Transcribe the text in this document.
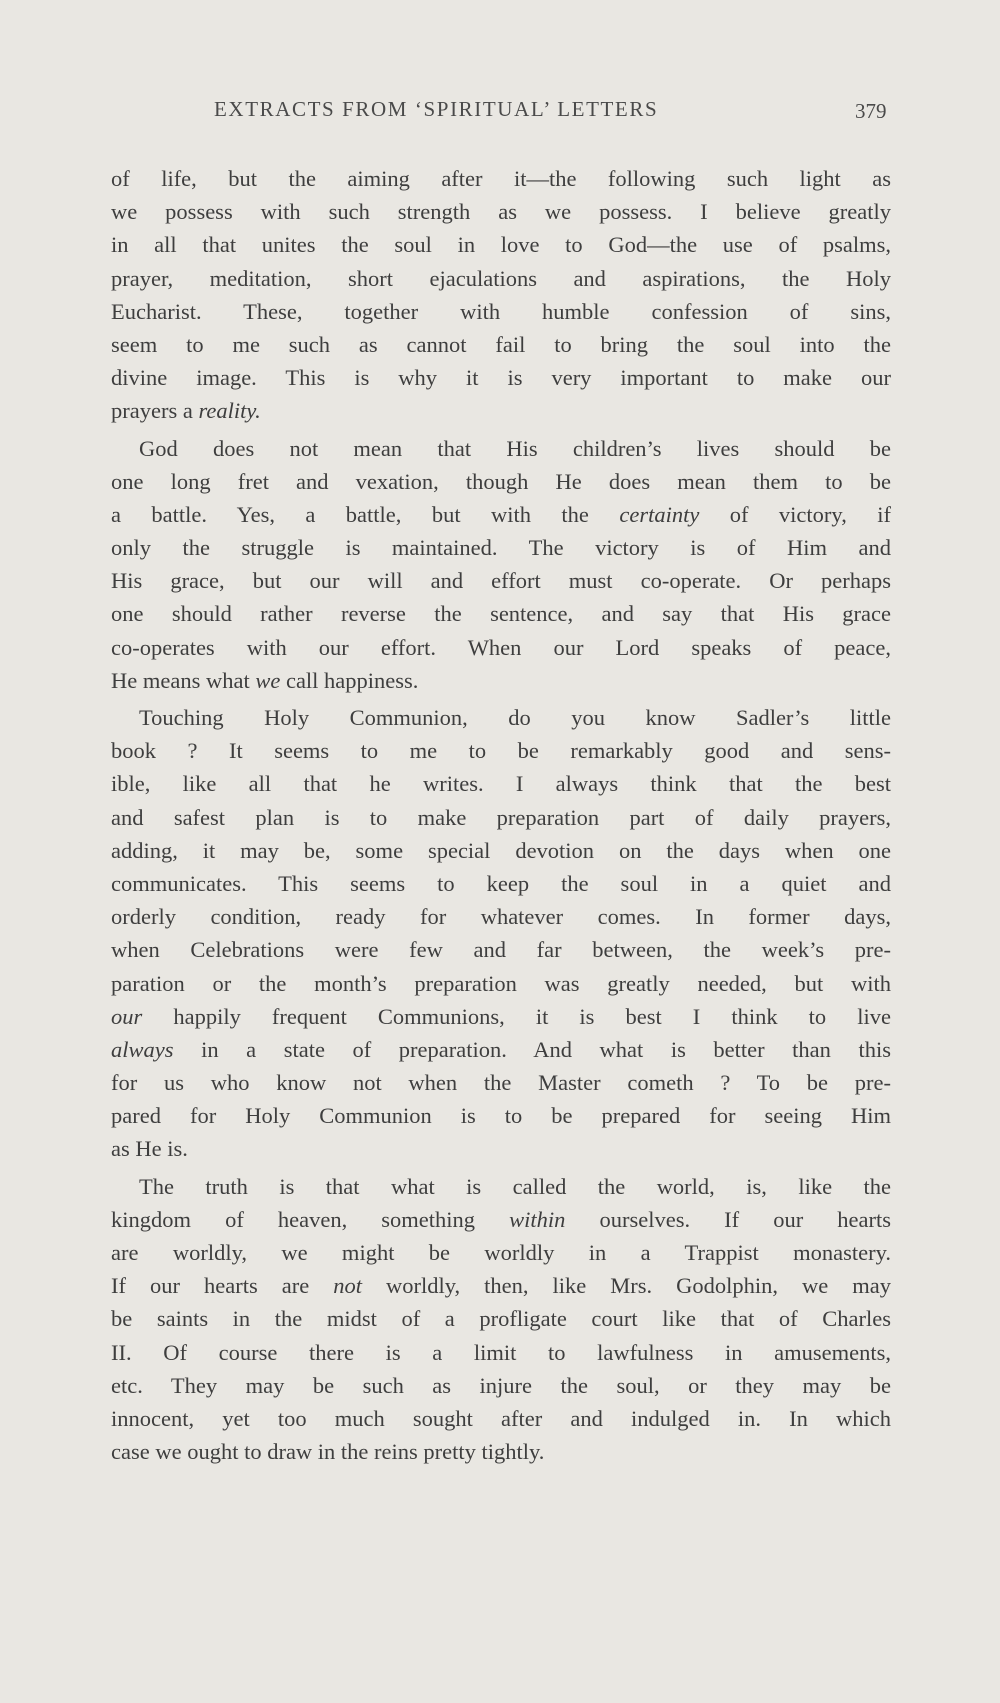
EXTRACTS FROM ‘SPIRITUAL’ LETTERS	379
of life, but the aiming after it—the following such light as
we possess with such strength as we possess. I believe greatly
in all that unites the soul in love to God—the use of psalms,
prayer, meditation, short ejaculations and aspirations, the Holy
Eucharist. These, together with humble confession of sins,
seem to me such as cannot fail to bring the soul into the
divine image. This is why it is very important to make our
prayers a reality.
God does not mean that His children’s lives should be
one long fret and vexation, though He does mean them to be
a battle. Yes, a battle, but with the certainty of victory, if
only the struggle is maintained. The victory is of Him and
His grace, but our will and effort must co-operate. Or perhaps
one should rather reverse the sentence, and say that His grace
co-operates with our effort. When our Lord speaks of peace,
He means what we call happiness.
Touching Holy Communion, do you know Sadler’s little
book ? It seems to me to be remarkably good and sens-
ible, like all that he writes. I always think that the best
and safest plan is to make preparation part of daily prayers,
adding, it may be, some special devotion on the days when one
communicates. This seems to keep the soul in a quiet and
orderly condition, ready for whatever comes. In former days,
when Celebrations were few and far between, the week’s pre-
paration or the month’s preparation was greatly needed, but with
our happily frequent Communions, it is best I think to live
always in a state of preparation. And what is better than this
for us who know not when the Master cometh ? To be pre-
pared for Holy Communion is to be prepared for seeing Him
as He is.
The truth is that what is called the world, is, like the
kingdom of heaven, something within ourselves. If our hearts
are worldly, we might be worldly in a Trappist monastery.
If our hearts are not worldly, then, like Mrs. Godolphin, we may
be saints in the midst of a profligate court like that of Charles
II. Of course there is a limit to lawfulness in amusements,
etc. They may be such as injure the soul, or they may be
innocent, yet too much sought after and indulged in. In which
case we ought to draw in the reins pretty tightly.
